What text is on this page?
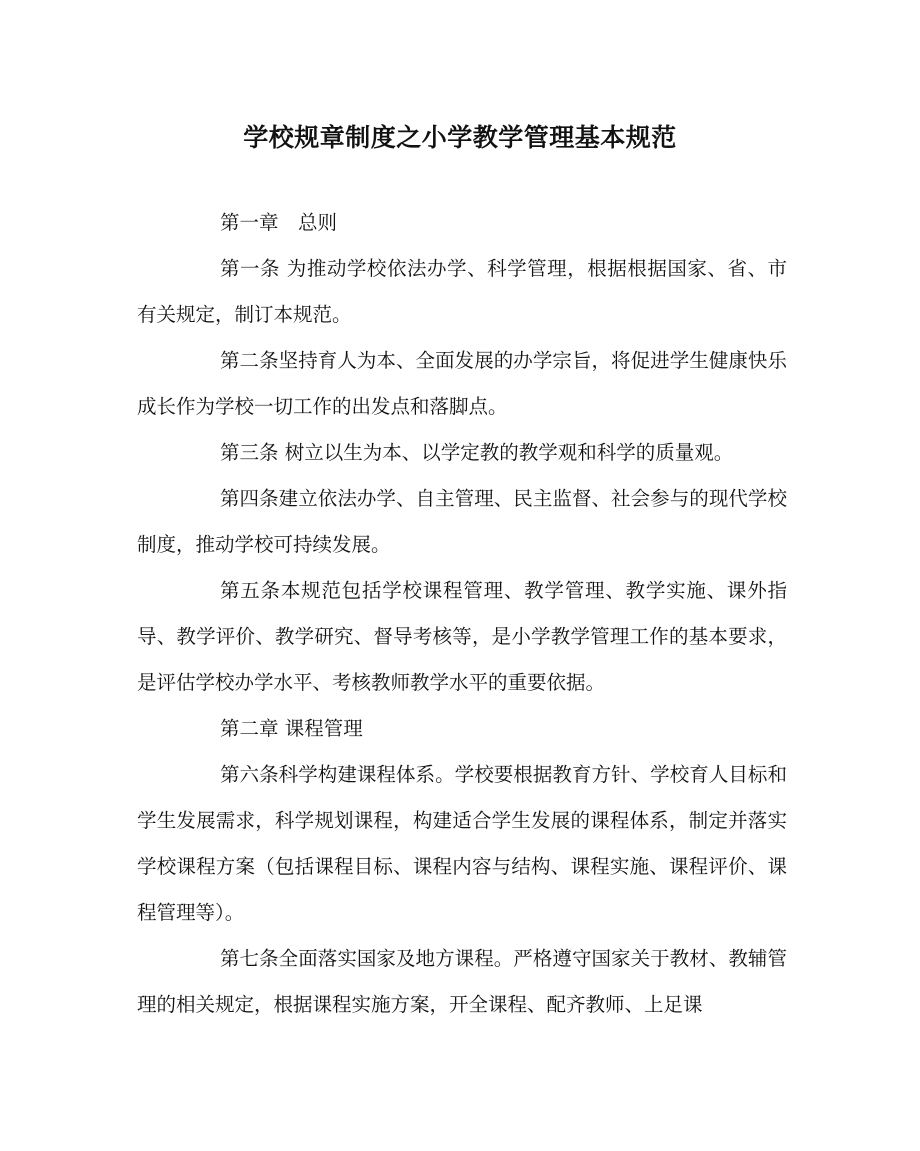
学校规章制度之小学教学管理基本规范

第一章　总则

第一条 为推动学校依法办学、科学管理，根据根据国家、省、市有关规定，制订本规范。

第二条坚持育人为本、全面发展的办学宗旨，将促进学生健康快乐成长作为学校一切工作的出发点和落脚点。

第三条 树立以生为本、以学定教的教学观和科学的质量观。

第四条建立依法办学、自主管理、民主监督、社会参与的现代学校制度，推动学校可持续发展。

第五条本规范包括学校课程管理、教学管理、教学实施、课外指导、教学评价、教学研究、督导考核等，是小学教学管理工作的基本要求，是评估学校办学水平、考核教师教学水平的重要依据。

第二章 课程管理

第六条科学构建课程体系。学校要根据教育方针、学校育人目标和学生发展需求，科学规划课程，构建适合学生发展的课程体系，制定并落实学校课程方案（包括课程目标、课程内容与结构、课程实施、课程评价、课程管理等）。

第七条全面落实国家及地方课程。严格遵守国家关于教材、教辅管理的相关规定，根据课程实施方案，开全课程、配齐教师、上足课
